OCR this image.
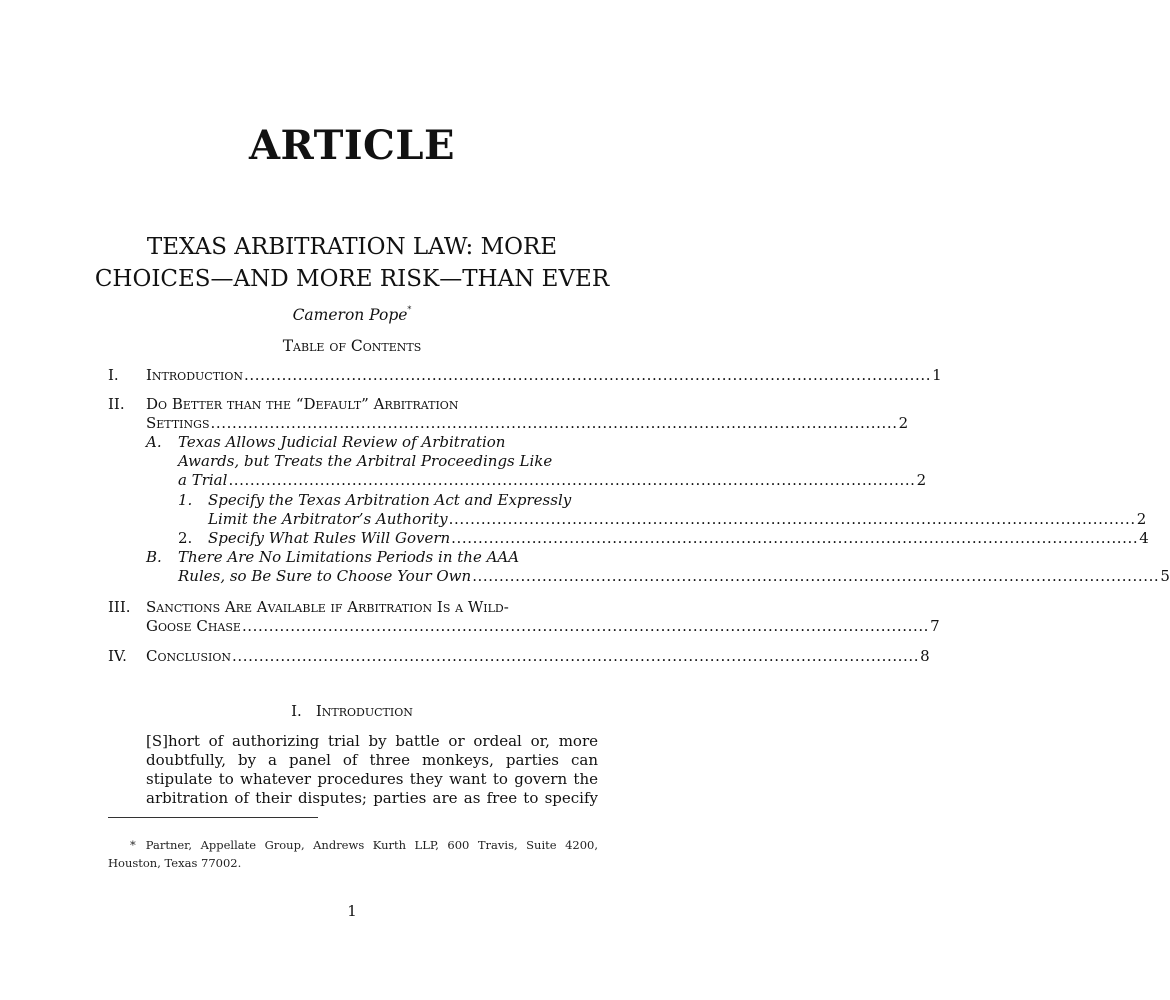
ARTICLE
TEXAS ARBITRATION LAW: MORE
CHOICES—AND MORE RISK—THAN EVER
Cameron Pope*
Table of Contents
I. Introduction ................................................................................................................................ 1
II. Do Better than the “Default” Arbitration
Settings ................................................................................................................................ 2
A. Texas Allows Judicial Review of Arbitration
Awards, but Treats the Arbitral Proceedings Like
a Trial ................................................................................................................................ 2
1. Specify the Texas Arbitration Act and Expressly
Limit the Arbitrator’s Authority ................................................................................................................................ 2
2. Specify What Rules Will Govern ................................................................................................................................ 4
B. There Are No Limitations Periods in the AAA
Rules, so Be Sure to Choose Your Own ................................................................................................................................ 5
III. Sanctions Are Available if Arbitration Is a Wild-
Goose Chase ................................................................................................................................ 7
IV. Conclusion ................................................................................................................................ 8
I. Introduction
[S]hort of authorizing trial by battle or ordeal or, more
doubtfully, by a panel of three monkeys, parties can
stipulate to whatever procedures they want to govern the
arbitration of their disputes; parties are as free to specify
* Partner, Appellate Group, Andrews Kurth LLP, 600 Travis, Suite 4200,
Houston, Texas 77002.
1
